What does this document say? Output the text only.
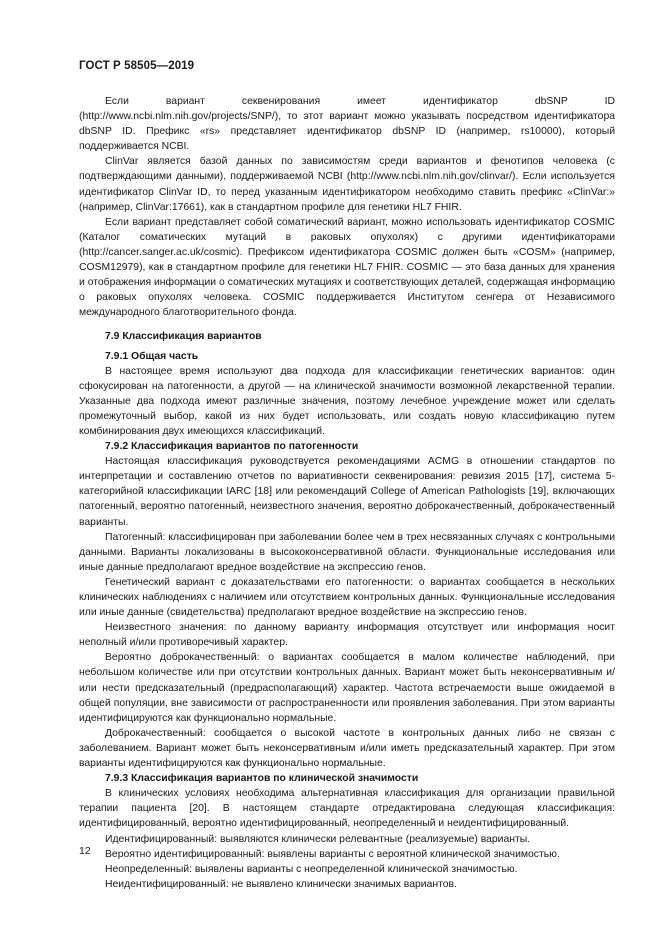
ГОСТ Р 58505—2019

Если вариант секвенирования имеет идентификатор dbSNP ID (http://www.ncbi.nlm.nih.gov/projects/SNP/), то этот вариант можно указывать посредством идентификатора dbSNP ID. Префикс «rs» представляет идентификатор dbSNP ID (например, rs10000), который поддерживается NCBI.

ClinVar является базой данных по зависимостям среди вариантов и фенотипов человека (с подтверждающими данными), поддерживаемой NCBI (http://www.ncbi.nlm.nih.gov/clinvar/). Если используется идентификатор ClinVar ID, то перед указанным идентификатором необходимо ставить префикс «ClinVar:» (например, ClinVar:17661), как в стандартном профиле для генетики HL7 FHIR.

Если вариант представляет собой соматический вариант, можно использовать идентификатор COSMIC (Каталог соматических мутаций в раковых опухолях) с другими идентификаторами (http://cancer.sanger.ac.uk/cosmic). Префиксом идентификатора COSMIC должен быть «COSM» (например, COSM12979), как в стандартном профиле для генетики HL7 FHIR. COSMIC — это база данных для хранения и отображения информации о соматических мутациях и соответствующих деталей, содержащая информацию о раковых опухолях человека. COSMIC поддерживается Институтом сенгера от Независимого международного благотворительного фонда.

7.9 Классификация вариантов
7.9.1 Общая часть

В настоящее время используют два подхода для классификации генетических вариантов: один сфокусирован на патогенности, а другой — на клинической значимости возможной лекарственной терапии. Указанные два подхода имеют различные значения, поэтому лечебное учреждение может или сделать промежуточный выбор, какой из них будет использовать, или создать новую классификацию путем комбинирования двух имеющихся классификаций.

7.9.2 Классификация вариантов по патогенности

Настоящая классификация руководствуется рекомендациями ACMG в отношении стандартов по интерпретации и составлению отчетов по вариативности секвенирования: ревизия 2015 [17], система 5-категорийной классификации IARC [18] или рекомендаций College of American Pathologists [19], включающих патогенный, вероятно патогенный, неизвестного значения, вероятно доброкачественный, доброкачественный варианты.

Патогенный: классифицирован при заболевании более чем в трех несвязанных случаях с контрольными данными. Варианты локализованы в высококонсервативной области. Функциональные исследования или иные данные предполагают вредное воздействие на экспрессию генов.

Генетический вариант с доказательствами его патогенности: о вариантах сообщается в нескольких клинических наблюдениях с наличием или отсутствием контрольных данных. Функциональные исследования или иные данные (свидетельства) предполагают вредное воздействие на экспрессию генов.

Неизвестного значения: по данному варианту информация отсутствует или информация носит неполный и/или противоречивый характер.

Вероятно доброкачественный: о вариантах сообщается в малом количестве наблюдений, при небольшом количестве или при отсутствии контрольных данных. Вариант может быть неконсервативным и/или нести предсказательный (предрасполагающий) характер. Частота встречаемости выше ожидаемой в общей популяции, вне зависимости от распространенности или проявления заболевания. При этом варианты идентифицируются как функционально нормальные.

Доброкачественный: сообщается о высокой частоте в контрольных данных либо не связан с заболеванием. Вариант может быть неконсервативным и/или иметь предсказательный характер. При этом варианты идентифицируются как функционально нормальные.

7.9.3 Классификация вариантов по клинической значимости

В клинических условиях необходима альтернативная классификация для организации правильной терапии пациента [20]. В настоящем стандарте отредактирована следующая классификация: идентифицированный, вероятно идентифицированный, неопределенный и неидентифицированный.

Идентифицированный: выявляются клинически релевантные (реализуемые) варианты.

Вероятно идентифицированный: выявлены варианты с вероятной клинической значимостью.

Неопределенный: выявлены варианты с неопределенной клинической значимостью.

Неидентифицированный: не выявлено клинически значимых вариантов.

12
